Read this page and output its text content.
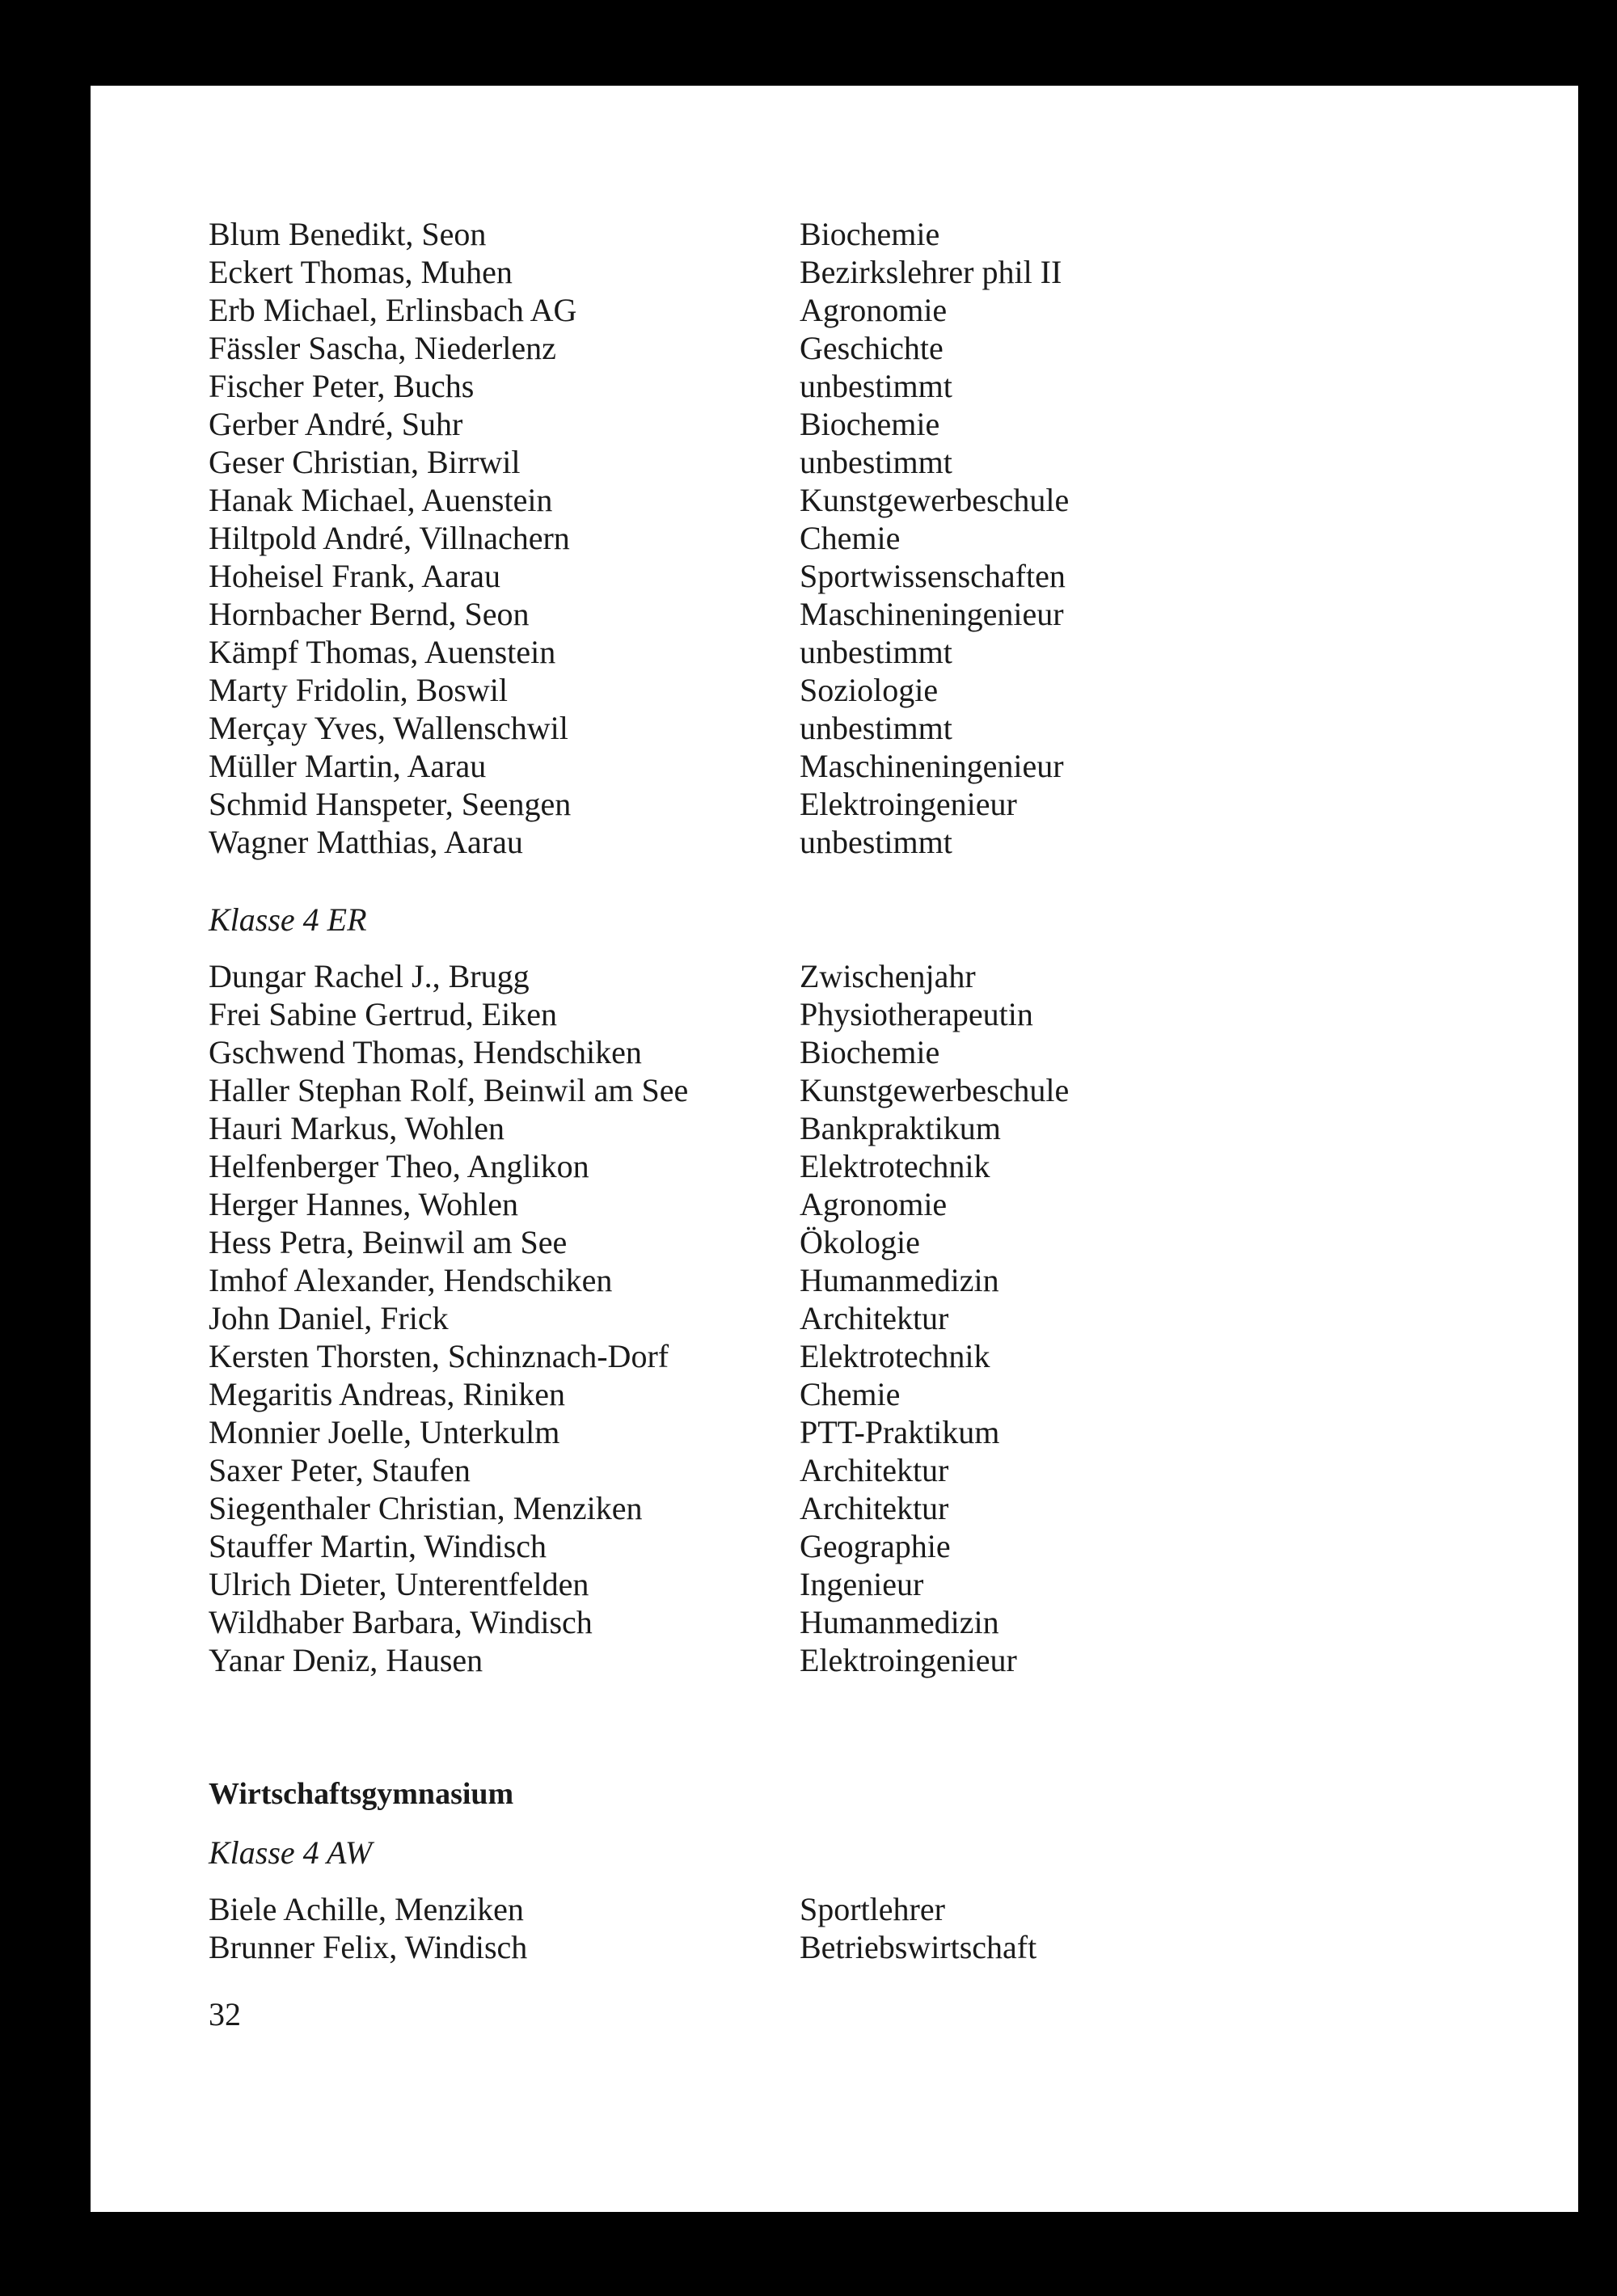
Blum Benedikt, Seon	Biochemie
Eckert Thomas, Muhen	Bezirkslehrer phil II
Erb Michael, Erlinsbach AG	Agronomie
Fässler Sascha, Niederlenz	Geschichte
Fischer Peter, Buchs	unbestimmt
Gerber André, Suhr	Biochemie
Geser Christian, Birrwil	unbestimmt
Hanak Michael, Auenstein	Kunstgewerbeschule
Hiltpold André, Villnachern	Chemie
Hoheisel Frank, Aarau	Sportwissenschaften
Hornbacher Bernd, Seon	Maschineningenieur
Kämpf Thomas, Auenstein	unbestimmt
Marty Fridolin, Boswil	Soziologie
Merçay Yves, Wallenschwil	unbestimmt
Müller Martin, Aarau	Maschineningenieur
Schmid Hanspeter, Seengen	Elektroingenieur
Wagner Matthias, Aarau	unbestimmt
Klasse 4 ER
Dungar Rachel J., Brugg	Zwischenjahr
Frei Sabine Gertrud, Eiken	Physiotherapeutin
Gschwend Thomas, Hendschiken	Biochemie
Haller Stephan Rolf, Beinwil am See	Kunstgewerbeschule
Hauri Markus, Wohlen	Bankpraktikum
Helfenberger Theo, Anglikon	Elektrotechnik
Herger Hannes, Wohlen	Agronomie
Hess Petra, Beinwil am See	Ökologie
Imhof Alexander, Hendschiken	Humanmedizin
John Daniel, Frick	Architektur
Kersten Thorsten, Schinznach-Dorf	Elektrotechnik
Megaritis Andreas, Riniken	Chemie
Monnier Joelle, Unterkulm	PTT-Praktikum
Saxer Peter, Staufen	Architektur
Siegenthaler Christian, Menziken	Architektur
Stauffer Martin, Windisch	Geographie
Ulrich Dieter, Unterentfelden	Ingenieur
Wildhaber Barbara, Windisch	Humanmedizin
Yanar Deniz, Hausen	Elektroingenieur
Wirtschaftsgymnasium
Klasse 4 AW
Biele Achille, Menziken	Sportlehrer
Brunner Felix, Windisch	Betriebswirtschaft
32
